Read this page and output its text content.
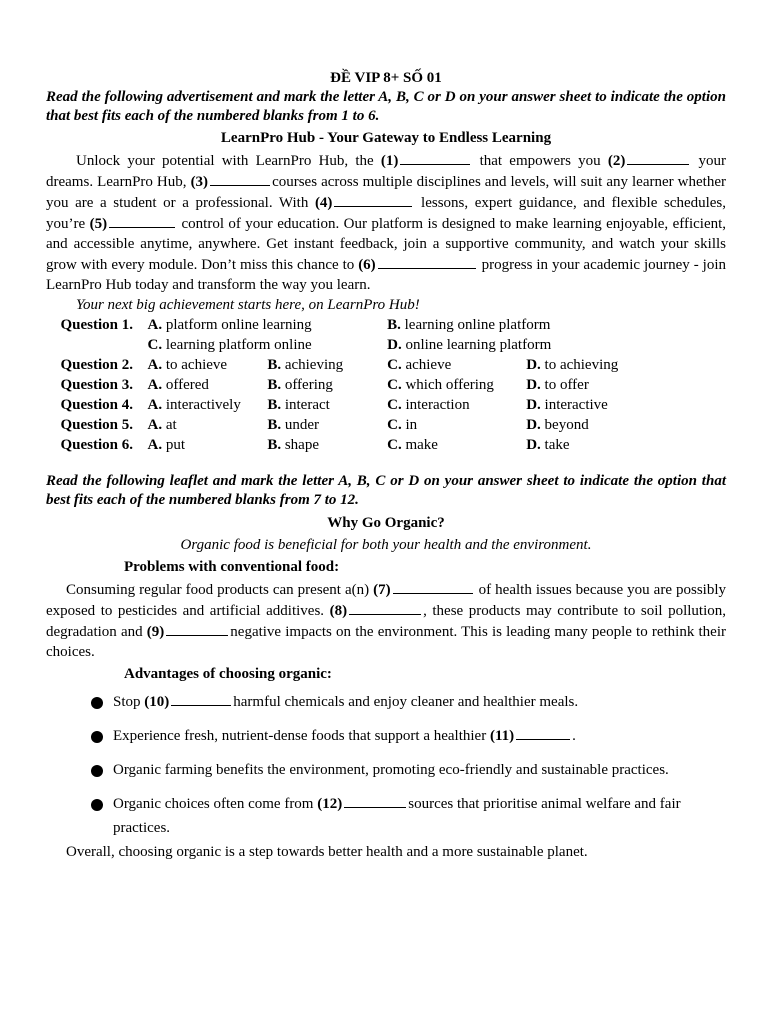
ĐỀ VIP 8+ SỐ 01

Read the following advertisement and mark the letter A, B, C or D on your answer sheet to indicate the option that best fits each of the numbered blanks from 1 to 6.

LearnPro Hub - Your Gateway to Endless Learning

Unlock your potential with LearnPro Hub, the (1)	that empowers you (2)	your dreams. LearnPro Hub, (3)	courses across multiple disciplines and levels, will suit any learner whether you are a student or a professional. With (4)	lessons, expert guidance, and flexible schedules, you’re (5)	control of your education. Our platform is designed to make learning enjoyable, efficient, and accessible anytime, anywhere. Get instant feedback, join a supportive community, and watch your skills grow with every module. Don’t miss this chance to (6)	progress in your academic journey - join LearnPro Hub today and transform the way you learn.

Your next big achievement starts here, on LearnPro Hub!

Question 1.	A. platform online learning		B. learning online platform	
	C. learning platform online		D. online learning platform	
Question 2.	A. to achieve	B. achieving	C. achieve	D. to achieving
Question 3.	A. offered	B. offering	C. which offering	D. to offer
Question 4.	A. interactively	B. interact	C. interaction	D. interactive
Question 5.	A. at	B. under	C. in	D. beyond
Question 6.	A. put	B. shape	C. make	D. take

Read the following leaflet and mark the letter A, B, C or D on your answer sheet to indicate the option that best fits each of the numbered blanks from 7 to 12.

Why Go Organic?

Organic food is beneficial for both your health and the environment.

Problems with conventional food:

Consuming regular food products can present a(n) (7)	of health issues because you are possibly exposed to pesticides and artificial additives. (8)	, these products may contribute to soil pollution, degradation and (9)	negative impacts on the environment. This is leading many people to rethink their choices.

Advantages of choosing organic:

Stop (10)	harmful chemicals and enjoy cleaner and healthier meals.
Experience fresh, nutrient-dense foods that support a healthier (11)	.
Organic farming benefits the environment, promoting eco-friendly and sustainable practices.
Organic choices often come from (12)	sources that prioritise animal welfare and fair practices.

Overall, choosing organic is a step towards better health and a more sustainable planet.
